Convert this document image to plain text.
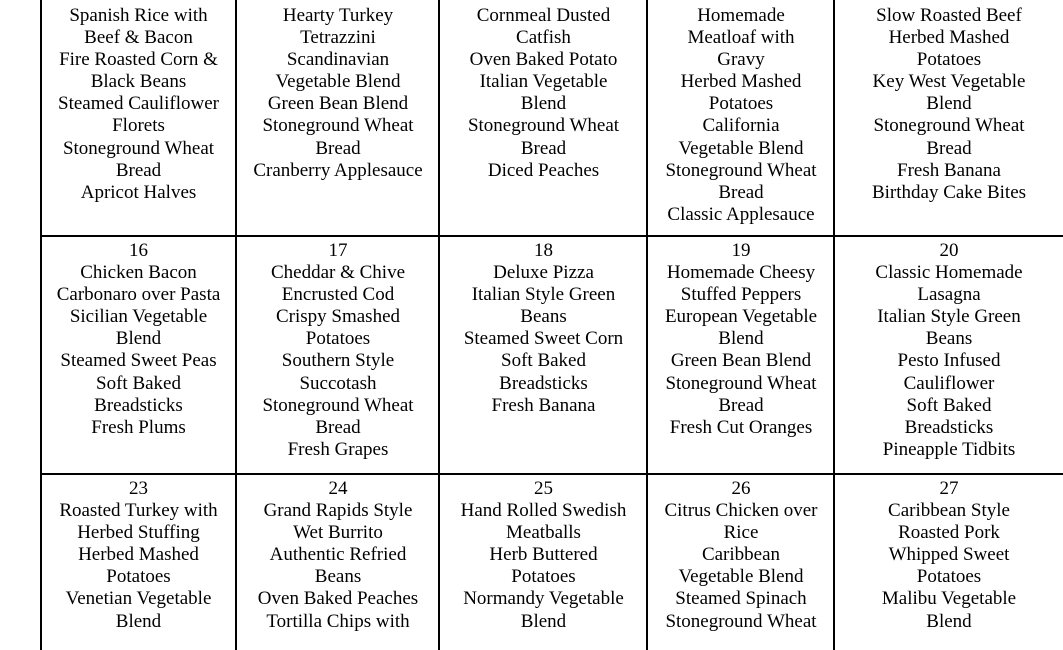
Spanish Rice with
Beef & Bacon
Fire Roasted Corn &
Black Beans
Steamed Cauliflower
Florets
Stoneground Wheat
Bread
Apricot Halves
Hearty Turkey
Tetrazzini
Scandinavian
Vegetable Blend
Green Bean Blend
Stoneground Wheat
Bread
Cranberry Applesauce
Cornmeal Dusted
Catfish
Oven Baked Potato
Italian Vegetable
Blend
Stoneground Wheat
Bread
Diced Peaches
Homemade
Meatloaf with
Gravy
Herbed Mashed
Potatoes
California
Vegetable Blend
Stoneground Wheat
Bread
Classic Applesauce
Slow Roasted Beef
Herbed Mashed
Potatoes
Key West Vegetable
Blend
Stoneground Wheat
Bread
Fresh Banana
Birthday Cake Bites
16
Chicken Bacon
Carbonaro over Pasta
Sicilian Vegetable
Blend
Steamed Sweet Peas
Soft Baked
Breadsticks
Fresh Plums
17
Cheddar & Chive
Encrusted Cod
Crispy Smashed
Potatoes
Southern Style
Succotash
Stoneground Wheat
Bread
Fresh Grapes
18
Deluxe Pizza
Italian Style Green
Beans
Steamed Sweet Corn
Soft Baked
Breadsticks
Fresh Banana
19
Homemade Cheesy
Stuffed Peppers
European Vegetable
Blend
Green Bean Blend
Stoneground Wheat
Bread
Fresh Cut Oranges
20
Classic Homemade
Lasagna
Italian Style Green
Beans
Pesto Infused
Cauliflower
Soft Baked
Breadsticks
Pineapple Tidbits
23
Roasted Turkey with
Herbed Stuffing
Herbed Mashed
Potatoes
Venetian Vegetable
Blend
24
Grand Rapids Style
Wet Burrito
Authentic Refried
Beans
Oven Baked Peaches
Tortilla Chips with
25
Hand Rolled Swedish
Meatballs
Herb Buttered
Potatoes
Normandy Vegetable
Blend
26
Citrus Chicken over
Rice
Caribbean
Vegetable Blend
Steamed Spinach
Stoneground Wheat
27
Caribbean Style
Roasted Pork
Whipped Sweet
Potatoes
Malibu Vegetable
Blend
